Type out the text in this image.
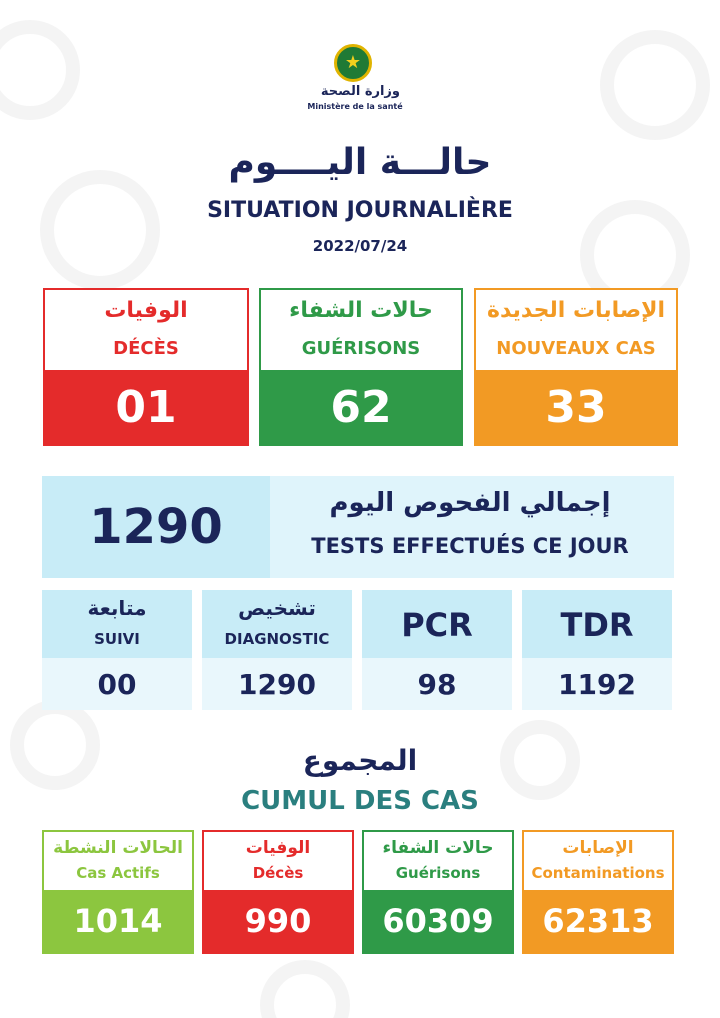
★
وزارة الصحة
Ministère de la santé
حالـــة اليــــوم
SITUATION JOURNALIÈRE
2022/07/24
الوفيات
DÉCÈS
01
حالات الشفاء
GUÉRISONS
62
الإصابات الجديدة
NOUVEAUX CAS
33
1290	إجمالي الفحوص اليوم
TESTS EFFECTUÉS CE JOUR
متابعة
SUIVI
00
تشخيص
DIAGNOSTIC
1290
PCR
98
TDR
1192
المجموع
CUMUL DES CAS
الحالات النشطة
Cas Actifs
1014
الوفيات
Décès
990
حالات الشفاء
Guérisons
60309
الإصابات
Contaminations
62313
